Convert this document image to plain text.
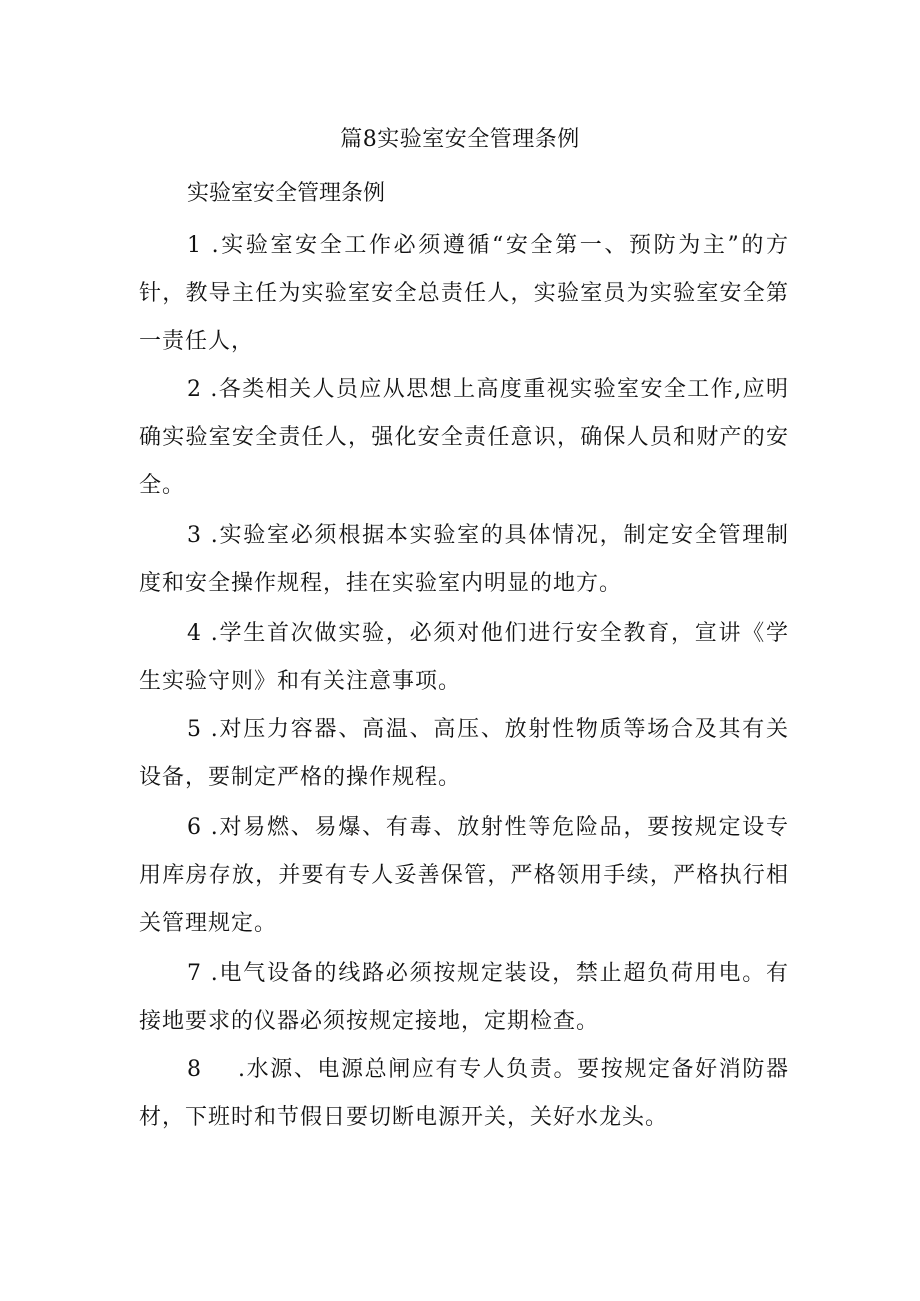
篇8实验室安全管理条例
实验室安全管理条例

1 .实验室安全工作必须遵循“安全第一、预防为主”的方针，教导主任为实验室安全总责任人，实验室员为实验室安全第一责任人，

2 .各类相关人员应从思想上高度重视实验室安全工作,应明确实验室安全责任人，强化安全责任意识，确保人员和财产的安全。

3 .实验室必须根据本实验室的具体情况，制定安全管理制度和安全操作规程，挂在实验室内明显的地方。

4 .学生首次做实验，必须对他们进行安全教育，宣讲《学生实验守则》和有关注意事项。

5 .对压力容器、高温、高压、放射性物质等场合及其有关设备，要制定严格的操作规程。

6 .对易燃、易爆、有毒、放射性等危险品，要按规定设专用库房存放，并要有专人妥善保管，严格领用手续，严格执行相关管理规定。

7 .电气设备的线路必须按规定装设，禁止超负荷用电。有接地要求的仪器必须按规定接地，定期检查。

8 .水源、电源总闸应有专人负责。要按规定备好消防器材，下班时和节假日要切断电源开关，关好水龙头。
